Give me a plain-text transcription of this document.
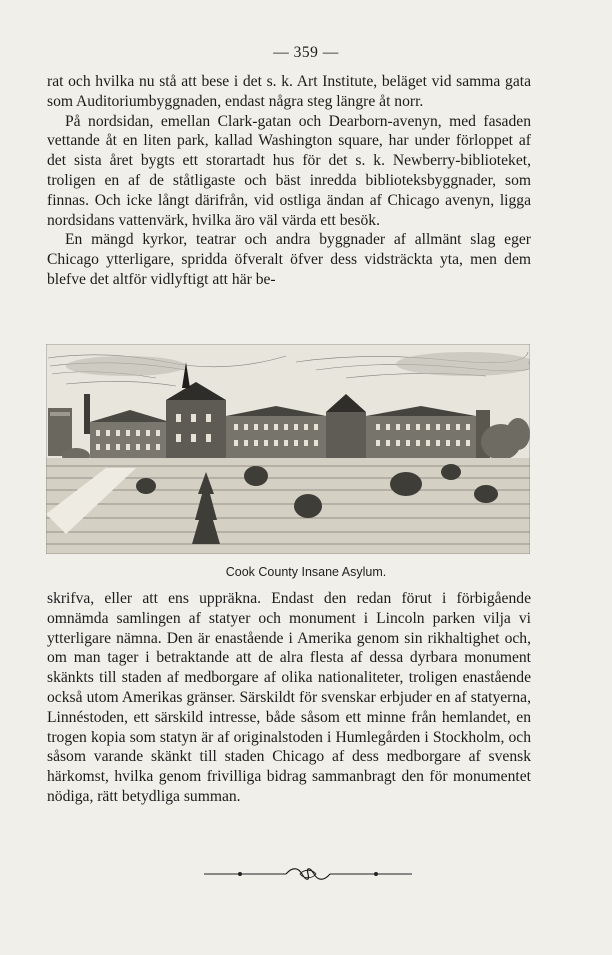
— 359 —

rat och hvilka nu stå att bese i det s. k. Art Institute, beläget vid samma gata som Auditoriumbyggnaden, endast några steg längre åt norr.

På nordsidan, emellan Clark-gatan och Dearborn-avenyn, med fasaden vettande åt en liten park, kallad Washington square, har under förloppet af det sista året bygts ett storartadt hus för det s. k. Newberry-biblioteket, troligen en af de ståtligaste och bäst inredda biblioteksbyggnader, som finnas. Och icke långt därifrån, vid ostliga ändan af Chicago avenyn, ligga nordsidans vattenvärk, hvilka äro väl värda ett besök.

En mängd kyrkor, teatrar och andra byggnader af allmänt slag eger Chicago ytterligare, spridda öfveralt öfver dess vidsträckta yta, men dem blefve det altför vidlyftigt att här be-

Cook County Insane Asylum.

skrifva, eller att ens uppräkna. Endast den redan förut i förbigående omnämda samlingen af statyer och monument i Lincoln parken vilja vi ytterligare nämna. Den är enastående i Amerika genom sin rikhaltighet och, om man tager i betraktande att de alra flesta af dessa dyrbara monument skänkts till staden af medborgare af olika nationaliteter, troligen enastående också utom Amerikas gränser. Särskildt för svenskar erbjuder en af statyerna, Linnéstoden, ett särskild intresse, både såsom ett minne från hemlandet, en trogen kopia som statyn är af originalstoden i Humlegården i Stockholm, och såsom varande skänkt till staden Chicago af dess medborgare af svensk härkomst, hvilka genom frivilliga bidrag sammanbragt den för monumentet nödiga, rätt betydliga summan.
